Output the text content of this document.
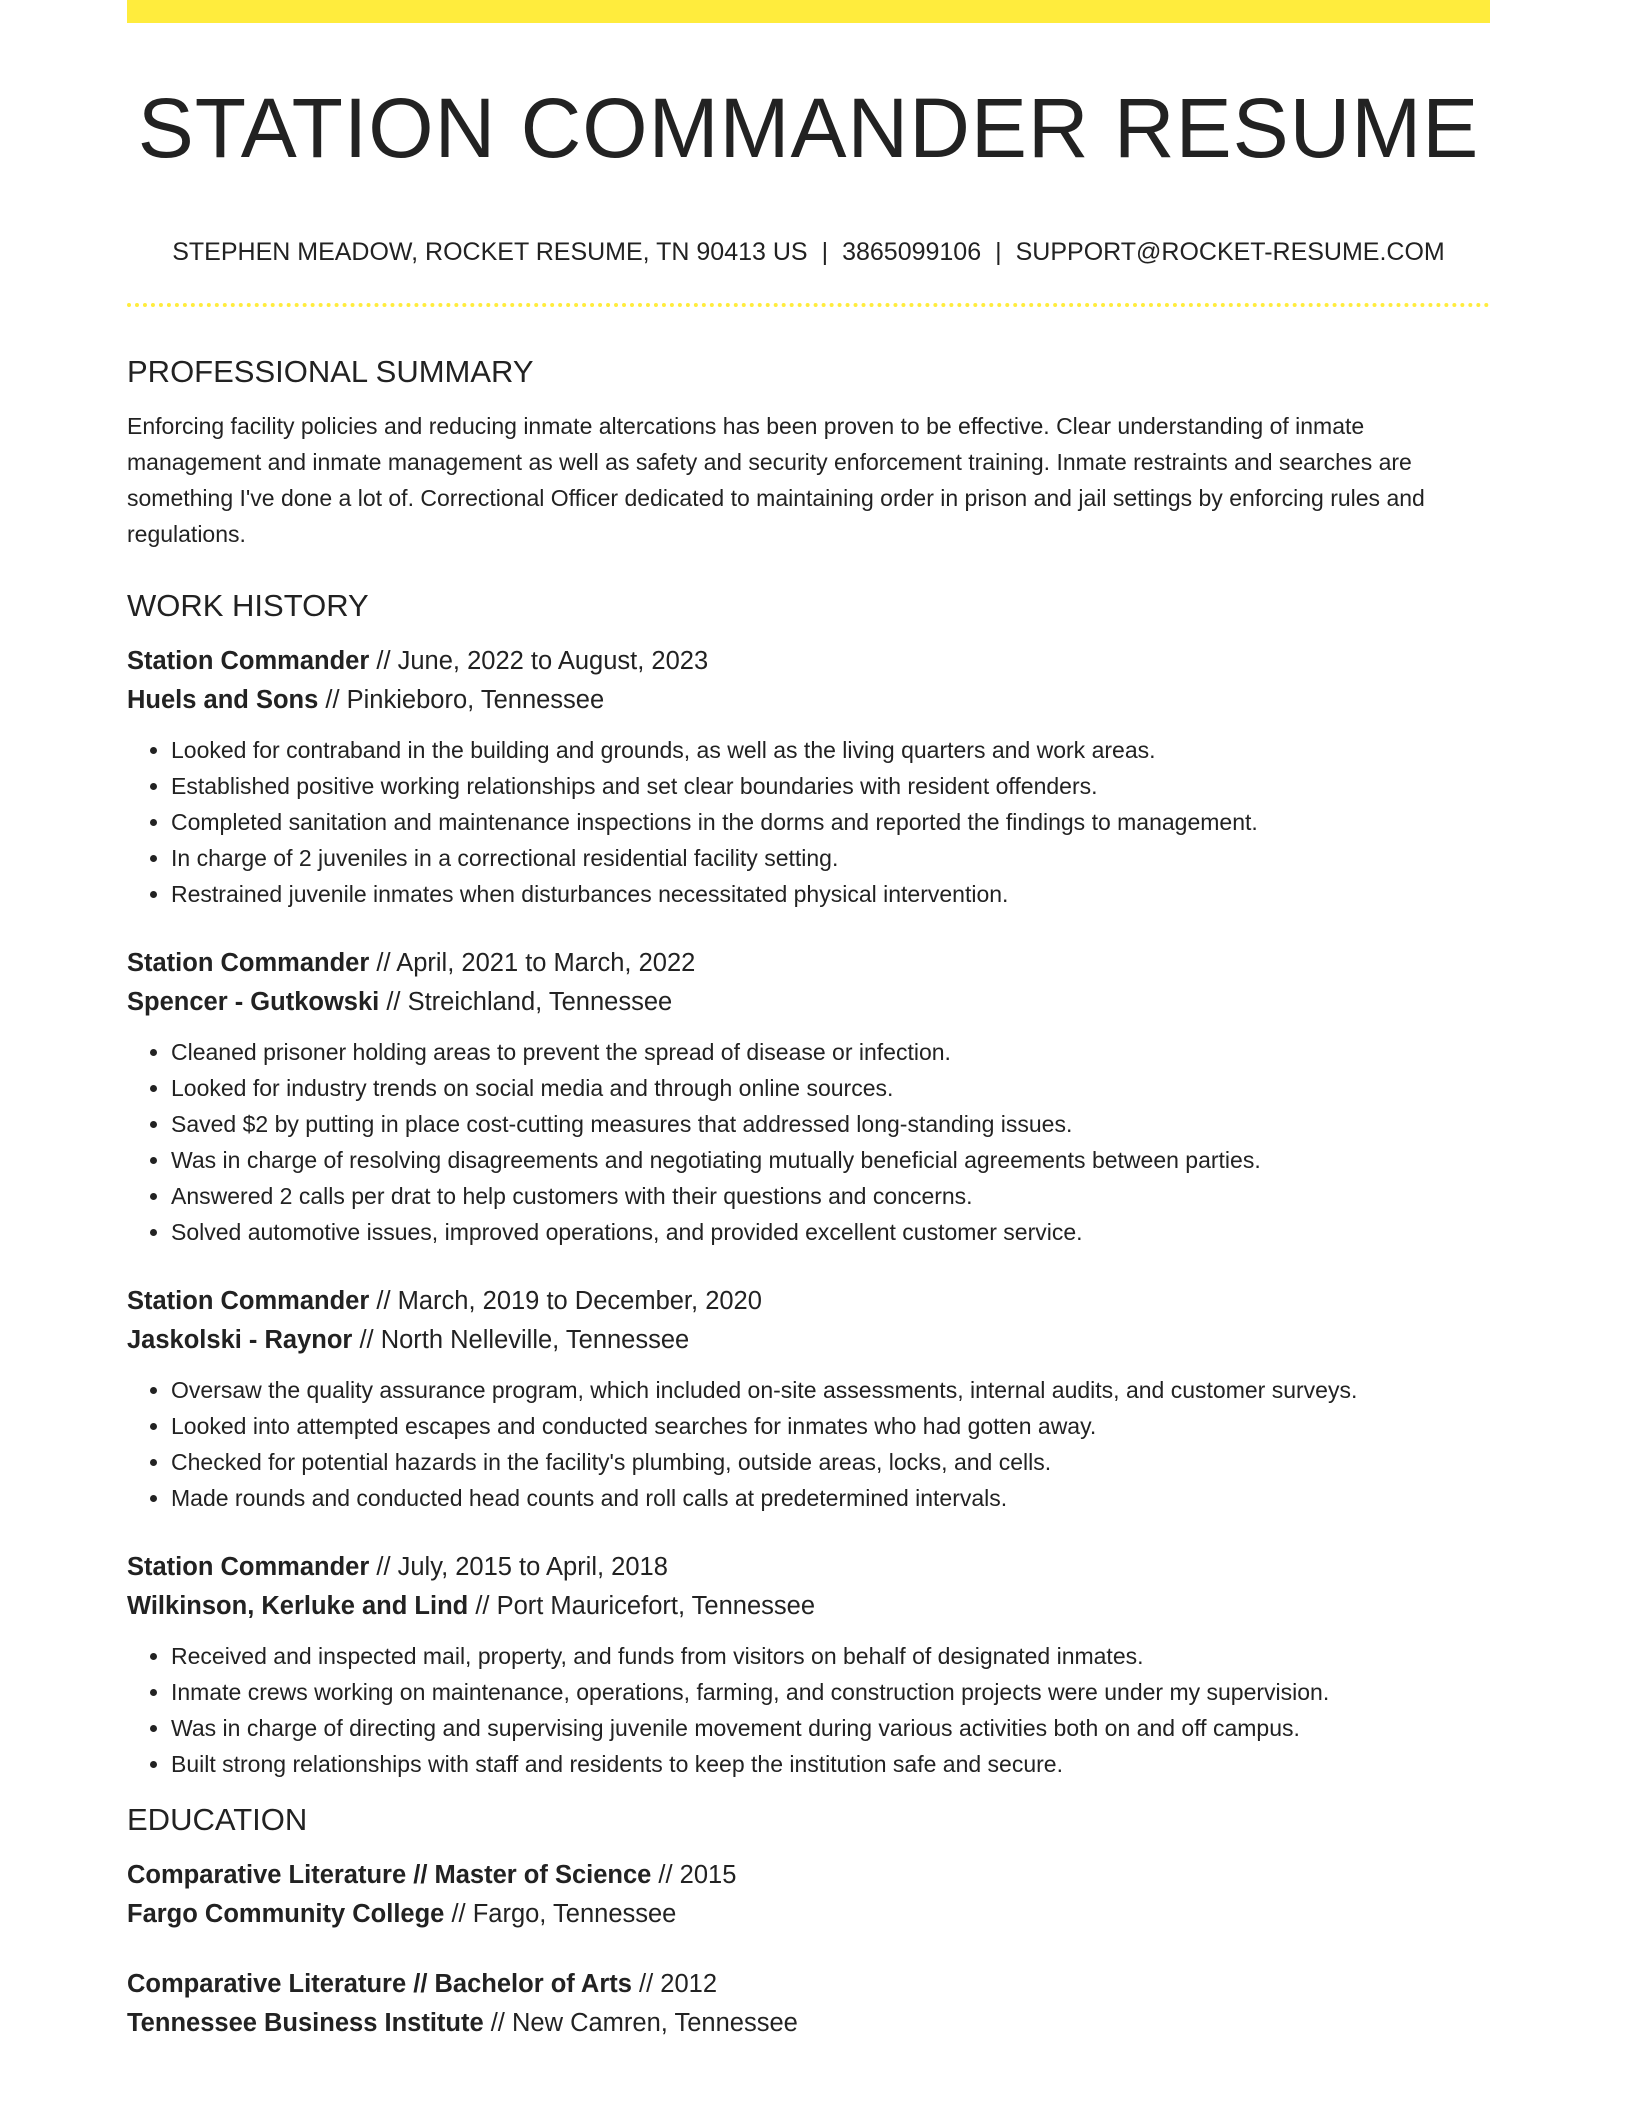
STATION COMMANDER RESUME
STEPHEN MEADOW, ROCKET RESUME, TN 90413 US | 3865099106 | SUPPORT@ROCKET-RESUME.COM
PROFESSIONAL SUMMARY

Enforcing facility policies and reducing inmate altercations has been proven to be effective. Clear understanding of inmate management and inmate management as well as safety and security enforcement training. Inmate restraints and searches are something I've done a lot of. Correctional Officer dedicated to maintaining order in prison and jail settings by enforcing rules and regulations.

WORK HISTORY
Station Commander // June, 2022 to August, 2023
Huels and Sons // Pinkieboro, Tennessee
• Looked for contraband in the building and grounds, as well as the living quarters and work areas.
• Established positive working relationships and set clear boundaries with resident offenders.
• Completed sanitation and maintenance inspections in the dorms and reported the findings to management.
• In charge of 2 juveniles in a correctional residential facility setting.
• Restrained juvenile inmates when disturbances necessitated physical intervention.
Station Commander // April, 2021 to March, 2022
Spencer - Gutkowski // Streichland, Tennessee
• Cleaned prisoner holding areas to prevent the spread of disease or infection.
• Looked for industry trends on social media and through online sources.
• Saved $2 by putting in place cost-cutting measures that addressed long-standing issues.
• Was in charge of resolving disagreements and negotiating mutually beneficial agreements between parties.
• Answered 2 calls per drat to help customers with their questions and concerns.
• Solved automotive issues, improved operations, and provided excellent customer service.
Station Commander // March, 2019 to December, 2020
Jaskolski - Raynor // North Nelleville, Tennessee
• Oversaw the quality assurance program, which included on-site assessments, internal audits, and customer surveys.
• Looked into attempted escapes and conducted searches for inmates who had gotten away.
• Checked for potential hazards in the facility's plumbing, outside areas, locks, and cells.
• Made rounds and conducted head counts and roll calls at predetermined intervals.
Station Commander // July, 2015 to April, 2018
Wilkinson, Kerluke and Lind // Port Mauricefort, Tennessee
• Received and inspected mail, property, and funds from visitors on behalf of designated inmates.
• Inmate crews working on maintenance, operations, farming, and construction projects were under my supervision.
• Was in charge of directing and supervising juvenile movement during various activities both on and off campus.
• Built strong relationships with staff and residents to keep the institution safe and secure.
EDUCATION
Comparative Literature // Master of Science // 2015
Fargo Community College // Fargo, Tennessee
Comparative Literature // Bachelor of Arts // 2012
Tennessee Business Institute // New Camren, Tennessee
